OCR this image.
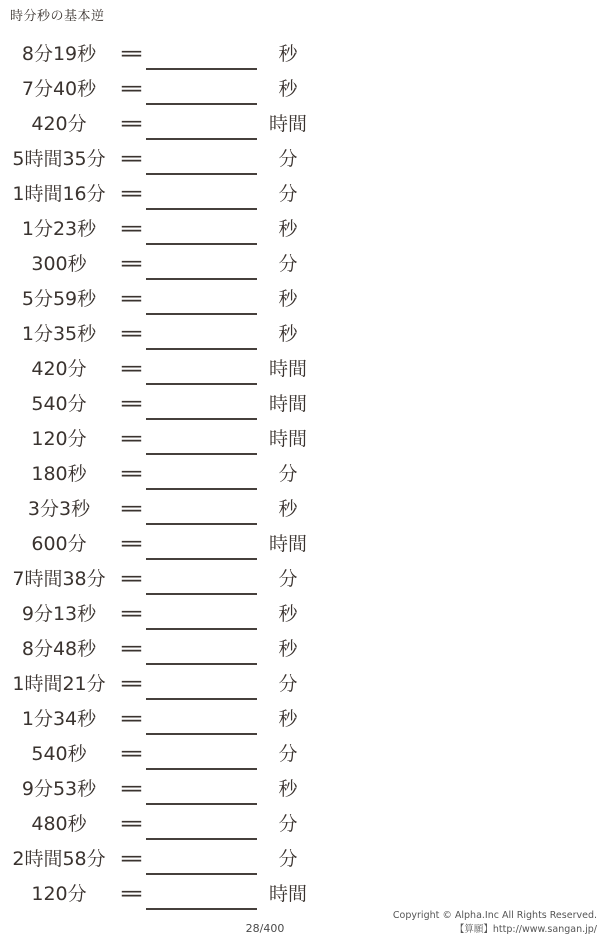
時分秒の基本逆
8分19秒	=	秒
7分40秒	=	秒
420分	=	時間
5時間35分 =	分
1時間16分 =	分
1分23秒	=	秒
300秒	=	分
5分59秒	=	秒
1分35秒	=	秒
420分	=	時間
540分	=	時間
120分	=	時間
180秒	=	分
3分3秒	=	秒
600分	=	時間
7時間38分 =	分
9分13秒	=	秒
8分48秒	=	秒
1時間21分 =	分
1分34秒	=	秒
540秒	=	分
9分53秒	=	秒
480秒	=	分
2時間58分 =	分
120分	=	時間
28/400
Copyright © Alpha.Inc All Rights Reserved.
【算願】http://www.sangan.jp/
